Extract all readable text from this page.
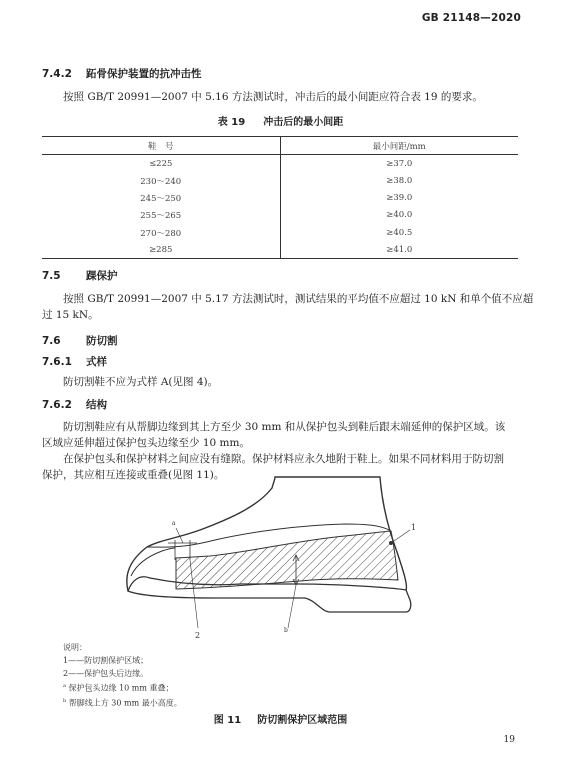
GB 21148—2020
7.4.2 跖骨保护装置的抗冲击性
按照 GB/T 20991—2007 中 5.16 方法测试时，冲击后的最小间距应符合表 19 的要求。
表 19 冲击后的最小间距
鞋　号	最小间距/mm
≤225	≥37.0
230～240	≥38.0
245～250	≥39.0
255～265	≥40.0
270～280	≥40.5
≥285	≥41.0
7.5 踝保护
按照 GB/T 20991—2007 中 5.17 方法测试时，测试结果的平均值不应超过 10 kN 和单个值不应超
过 15 kN。
7.6 防切割
7.6.1 式样
防切割鞋不应为式样 A(见图 4)。
7.6.2 结构
防切割鞋应有从帮脚边缘到其上方至少 30 mm 和从保护包头到鞋后跟末端延伸的保护区域。该
区域应延伸超过保护包头边缘至少 10 mm。
在保护包头和保护材料之间应没有缝隙。保护材料应永久地附于鞋上。如果不同材料用于防切割
保护，其应相互连接或重叠(见图 11)。
1
2
a
b
说明：
1——防切割保护区域；
2——保护包头后边缘。
$^a$ 保护包头边缘 10 mm 重叠；
$^b$ 帮脚线上方 30 mm 最小高度。
图 11 防切割保护区域范围
19
